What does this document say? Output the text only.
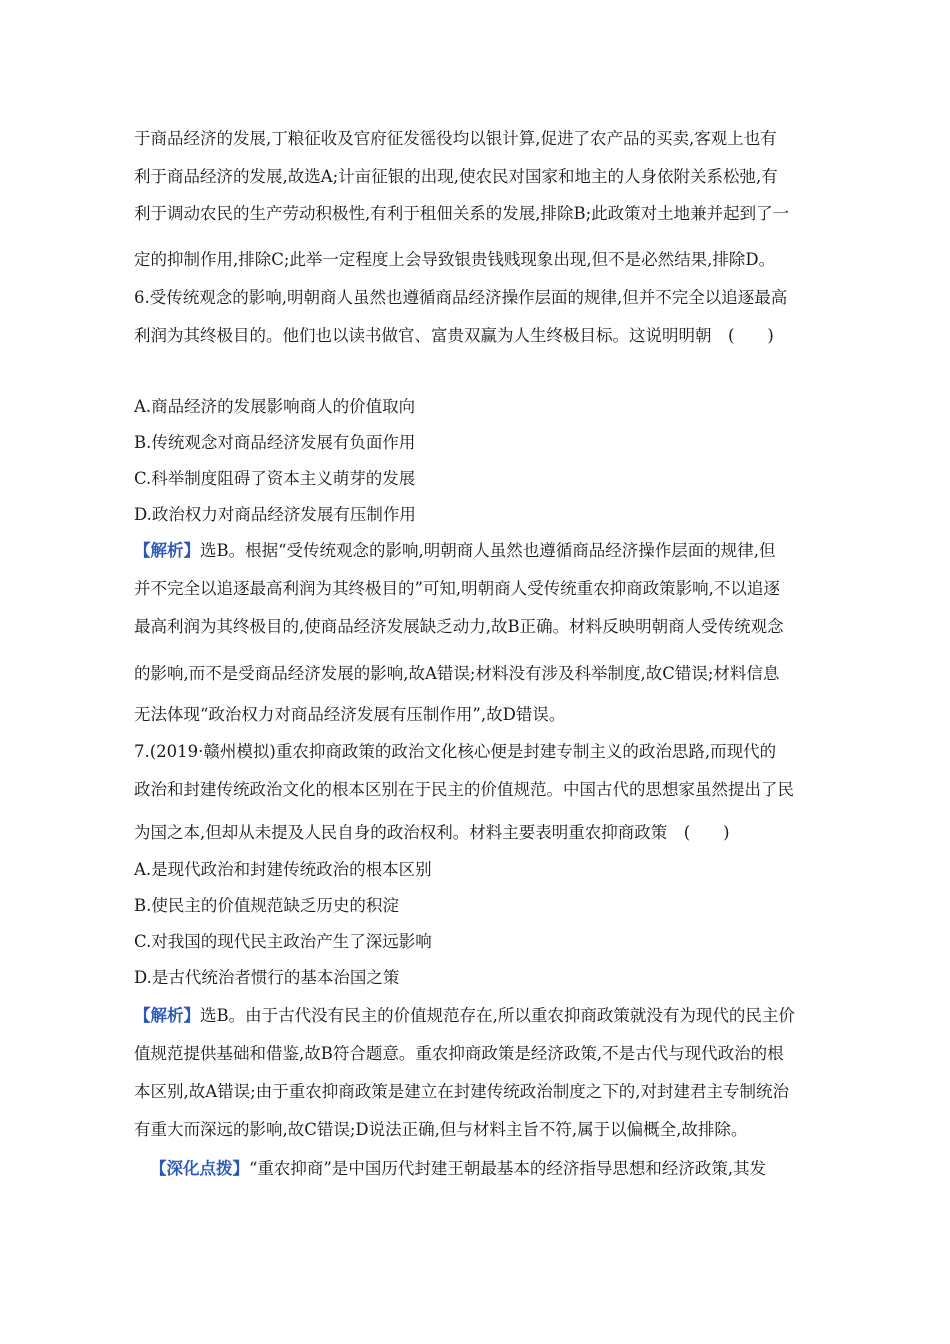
于商品经济的发展,丁粮征收及官府征发徭役均以银计算,促进了农产品的买卖,客观上也有
利于商品经济的发展,故选A;计亩征银的出现,使农民对国家和地主的人身依附关系松弛,有
利于调动农民的生产劳动积极性,有利于租佃关系的发展,排除B;此政策对土地兼并起到了一
定的抑制作用,排除C;此举一定程度上会导致银贵钱贱现象出现,但不是必然结果,排除D。
6.受传统观念的影响,明朝商人虽然也遵循商品经济操作层面的规律,但并不完全以追逐最高
利润为其终极目的。他们也以读书做官、富贵双赢为人生终极目标。这说明明朝　(　　)
A.商品经济的发展影响商人的价值取向
B.传统观念对商品经济发展有负面作用
C.科举制度阻碍了资本主义萌芽的发展
D.政治权力对商品经济发展有压制作用
【解析】选B。根据“受传统观念的影响,明朝商人虽然也遵循商品经济操作层面的规律,但
并不完全以追逐最高利润为其终极目的”可知,明朝商人受传统重农抑商政策影响,不以追逐
最高利润为其终极目的,使商品经济发展缺乏动力,故B正确。材料反映明朝商人受传统观念
的影响,而不是受商品经济发展的影响,故A错误;材料没有涉及科举制度,故C错误;材料信息
无法体现“政治权力对商品经济发展有压制作用”,故D错误。
7.(2019·赣州模拟)重农抑商政策的政治文化核心便是封建专制主义的政治思路,而现代的
政治和封建传统政治文化的根本区别在于民主的价值规范。中国古代的思想家虽然提出了民
为国之本,但却从未提及人民自身的政治权利。材料主要表明重农抑商政策　(　　)
A.是现代政治和封建传统政治的根本区别
B.使民主的价值规范缺乏历史的积淀
C.对我国的现代民主政治产生了深远影响
D.是古代统治者惯行的基本治国之策
【解析】选B。由于古代没有民主的价值规范存在,所以重农抑商政策就没有为现代的民主价
值规范提供基础和借鉴,故B符合题意。重农抑商政策是经济政策,不是古代与现代政治的根
本区别,故A错误;由于重农抑商政策是建立在封建传统政治制度之下的,对封建君主专制统治
有重大而深远的影响,故C错误;D说法正确,但与材料主旨不符,属于以偏概全,故排除。
【深化点拨】“重农抑商”是中国历代封建王朝最基本的经济指导思想和经济政策,其发
